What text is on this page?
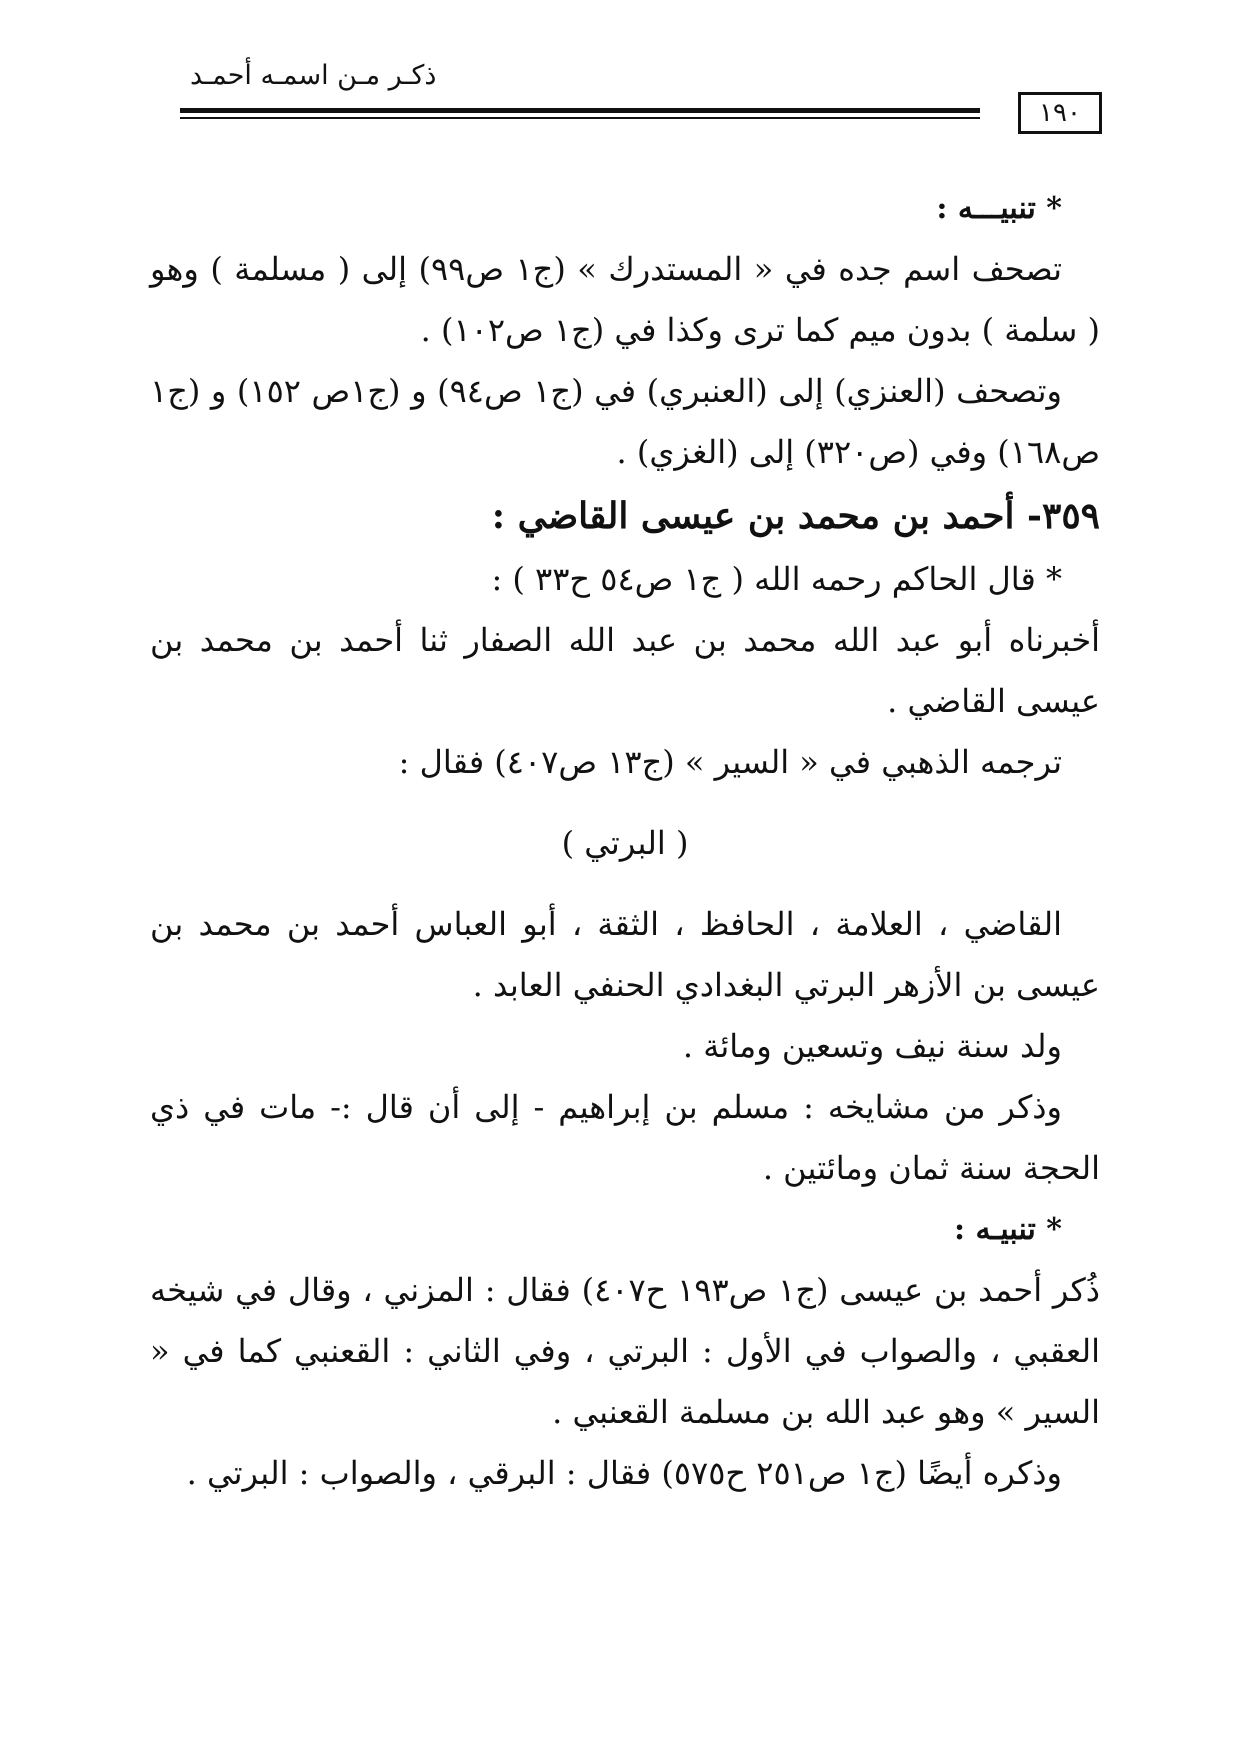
ذكـر مـن اسمـه أحمـد
١٩٠

* تنبيـــه :

تصحف اسم جده في « المستدرك » (ج١ ص٩٩) إلى ( مسلمة ) وهو ( سلمة ) بدون ميم كما ترى وكذا في (ج١ ص١٠٢) .

وتصحف (العنزي) إلى (العنبري) في (ج١ ص٩٤) و (ج١ص ١٥٢) و (ج١ ص١٦٨) وفي (ص٣٢٠) إلى (الغزي) .

٣٥٩- أحمد بن محمد بن عيسى القاضي :

* قال الحاكم رحمه الله ( ج١ ص٥٤ ح٣٣ ) :

أخبرناه أبو عبد الله محمد بن عبد الله الصفار ثنا أحمد بن محمد بن عيسى القاضي .

ترجمه الذهبي في « السير » (ج١٣ ص٤٠٧) فقال :

( البرتي )

القاضي ، العلامة ، الحافظ ، الثقة ، أبو العباس أحمد بن محمد بن عيسى بن الأزهر البرتي البغدادي الحنفي العابد .

ولد سنة نيف وتسعين ومائة .

وذكر من مشايخه : مسلم بن إبراهيم - إلى أن قال :- مات في ذي الحجة سنة ثمان ومائتين .

* تنبيـه :

ذُكر أحمد بن عيسى (ج١ ص١٩٣ ح٤٠٧) فقال : المزني ، وقال في شيخه العقبي ، والصواب في الأول : البرتي ، وفي الثاني : القعنبي كما في « السير » وهو عبد الله بن مسلمة القعنبي .

وذكره أيضًا (ج١ ص٢٥١ ح٥٧٥) فقال : البرقي ، والصواب : البرتي .
